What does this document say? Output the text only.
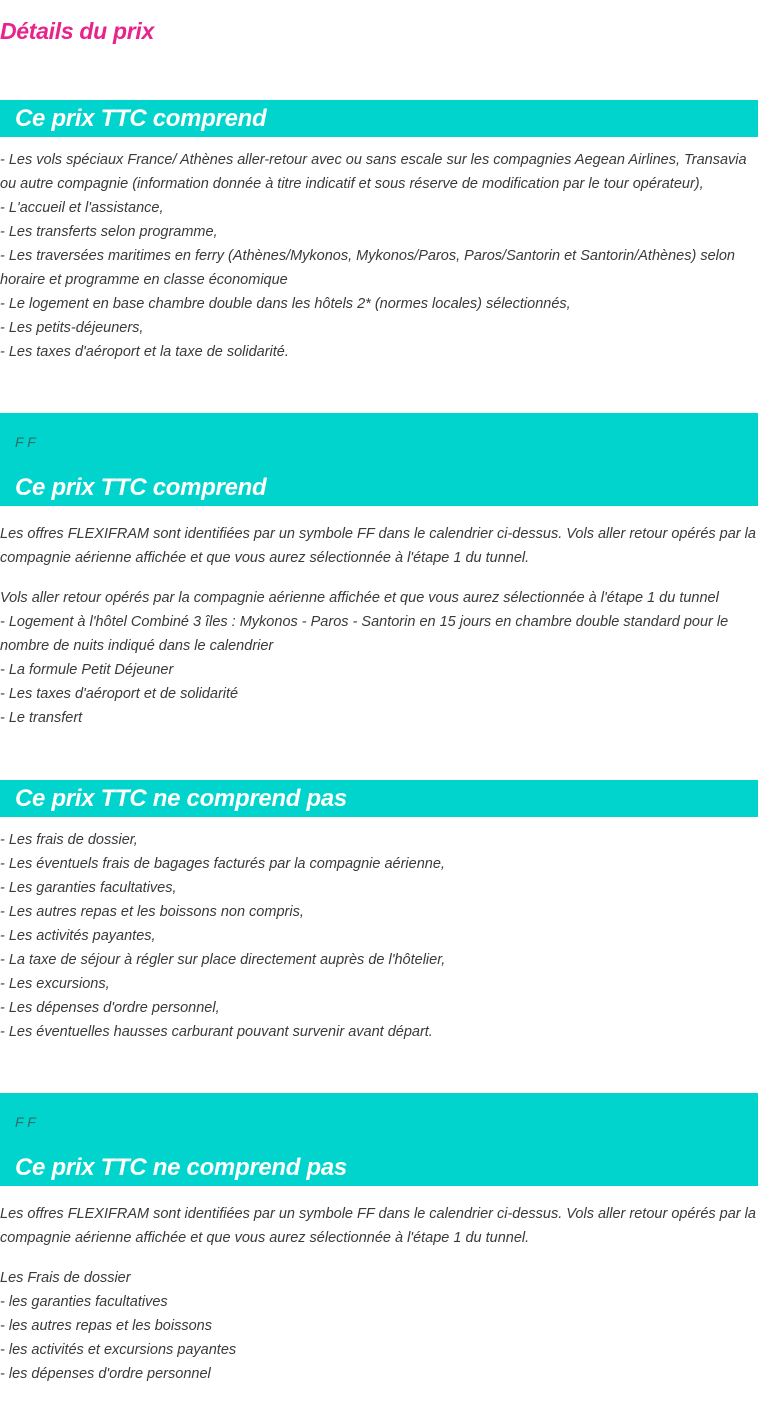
Détails du prix
Ce prix TTC comprend
- Les vols spéciaux France/ Athènes aller-retour avec ou sans escale sur les compagnies Aegean Airlines, Transavia ou autre compagnie (information donnée à titre indicatif et sous réserve de modification par le tour opérateur),
- L'accueil et l'assistance,
- Les transferts selon programme,
- Les traversées maritimes en ferry (Athènes/Mykonos, Mykonos/Paros, Paros/Santorin et Santorin/Athènes) selon horaire et programme en classe économique
- Le logement en base chambre double dans les hôtels 2* (normes locales) sélectionnés,
- Les petits-déjeuners,
- Les taxes d'aéroport et la taxe de solidarité.
F F
Ce prix TTC comprend

Les offres FLEXIFRAM sont identifiées par un symbole FF dans le calendrier ci-dessus. Vols aller retour opérés par la compagnie aérienne affichée et que vous aurez sélectionnée à l'étape 1 du tunnel.

Vols aller retour opérés par la compagnie aérienne affichée et que vous aurez sélectionnée à l'étape 1 du tunnel
- Logement à l'hôtel Combiné 3 îles : Mykonos - Paros - Santorin en 15 jours en chambre double standard pour le nombre de nuits indiqué dans le calendrier
- La formule Petit Déjeuner
- Les taxes d'aéroport et de solidarité
- Le transfert
Ce prix TTC ne comprend pas
- Les frais de dossier,
- Les éventuels frais de bagages facturés par la compagnie aérienne,
- Les garanties facultatives,
- Les autres repas et les boissons non compris,
- Les activités payantes,
- La taxe de séjour à régler sur place directement auprès de l'hôtelier,
- Les excursions,
- Les dépenses d'ordre personnel,
- Les éventuelles hausses carburant pouvant survenir avant départ.
F F
Ce prix TTC ne comprend pas

Les offres FLEXIFRAM sont identifiées par un symbole FF dans le calendrier ci-dessus. Vols aller retour opérés par la compagnie aérienne affichée et que vous aurez sélectionnée à l'étape 1 du tunnel.

Les Frais de dossier
- les garanties facultatives
- les autres repas et les boissons
- les activités et excursions payantes
- les dépenses d'ordre personnel
